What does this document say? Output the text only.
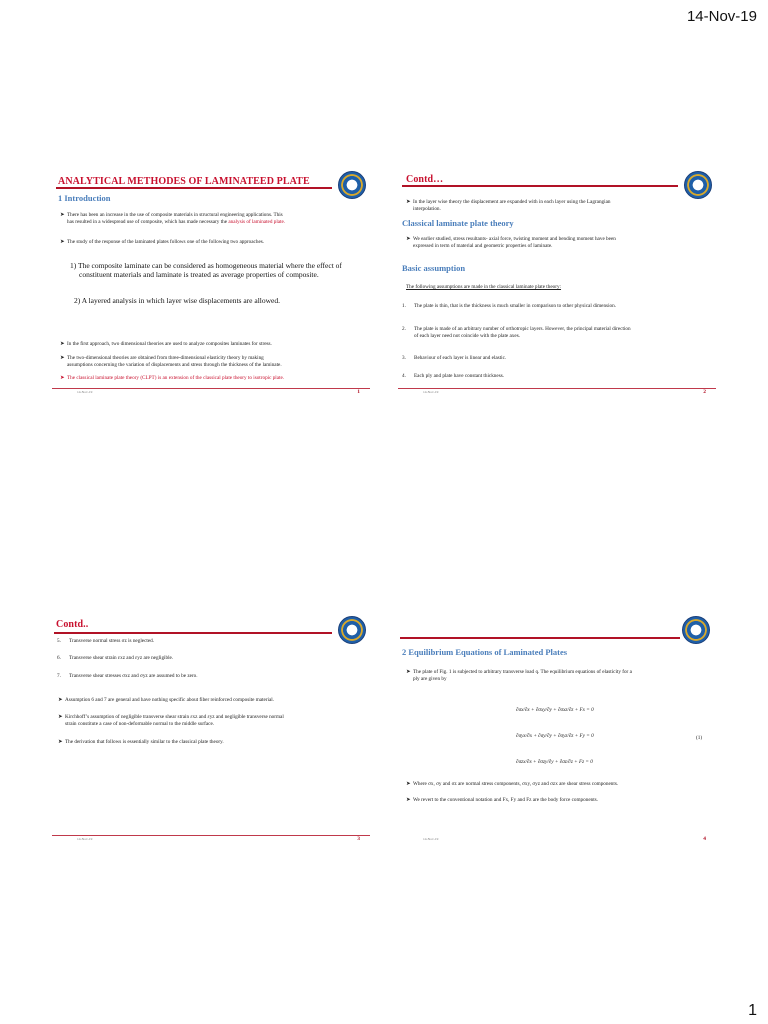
14-Nov-19
ANALYTICAL METHODES OF LAMINATEED PLATE
1 Introduction
➤ There has been an increase in the use of composite materials in structural engineering applications. This
has resulted in a widespread use of composite, which has made necessary the analysis of laminated plate.
➤ The study of the response of the laminated plates follows one of the following two approaches.
1) The composite laminate can be considered as homogeneous material where the effect of
constituent materials and laminate is treated as average properties of composite.
2) A layered analysis in which layer wise displacements are allowed.
➤ In the first approach, two dimensional theories are used to analyze composites laminates for stress.
➤ The two-dimensional theories are obtained from three-dimensional elasticity theory by making
assumptions concerning the variation of displacements and stress through the thickness of the laminate.
➤ The classical laminate plate theory (CLPT) is an extension of the classical plate theory to isotropic plate.
14-Nov-19	1
Contd…
➤ In the layer wise theory the displacement are expanded with in each layer using the Lagrangian
interpolation.
Classical laminate plate theory
➤ We earlier studied, stress resultants- axial force, twisting moment and bending moment have been
expressed in term of material and geometric properties of laminate.
Basic assumption
The following assumptions are made in the classical laminate plate theory:
1. The plate is thin, that is the thickness is much smaller in comparison to other physical dimension.
2. The plate is made of an arbitrary number of orthotropic layers. However, the principal material direction
of each layer need not coincide with the plate axes.
3. Behaviour of each layer is linear and elastic.
4. Each ply and plate have constant thickness.
14-Nov-19	2
Contd..
5. Transverse normal stress σz is neglected.
6. Transverse shear strain εxz and εyz are negligible.
7. Transverse shear stresses σxz and σyz are assumed to be zero.
➤ Assumption 6 and 7 are general and have nothing specific about fiber reinforced composite material.
➤ Kirchhoff’s assumption of negligible transverse shear strain εxz and εyz and negligible transverse normal
strain constitute a case of non-deformable normal to the middle surface.
➤ The derivation that follows is essentially similar to the classical plate theory.
14-Nov-19	3
2 Equilibrium Equations of Laminated Plates
➤ The plate of Fig. 1 is subjected to arbitrary transverse load q. The equilibrium equations of elasticity for a
ply are given by
∂σx/∂x + ∂σxy/∂y + ∂σxz/∂z + Fx = 0
∂σyx/∂x + ∂σy/∂y + ∂σyz/∂z + Fy = 0
∂σzx/∂x + ∂σzy/∂y + ∂σz/∂z + Fz = 0
(1)
➤ Where σx, σy and σz are normal stress components, σxy, σyz and σzx are shear stress components.
➤ We revert to the conventional notation and Fx, Fy and Fz are the body force components.
14-Nov-19	4
1
